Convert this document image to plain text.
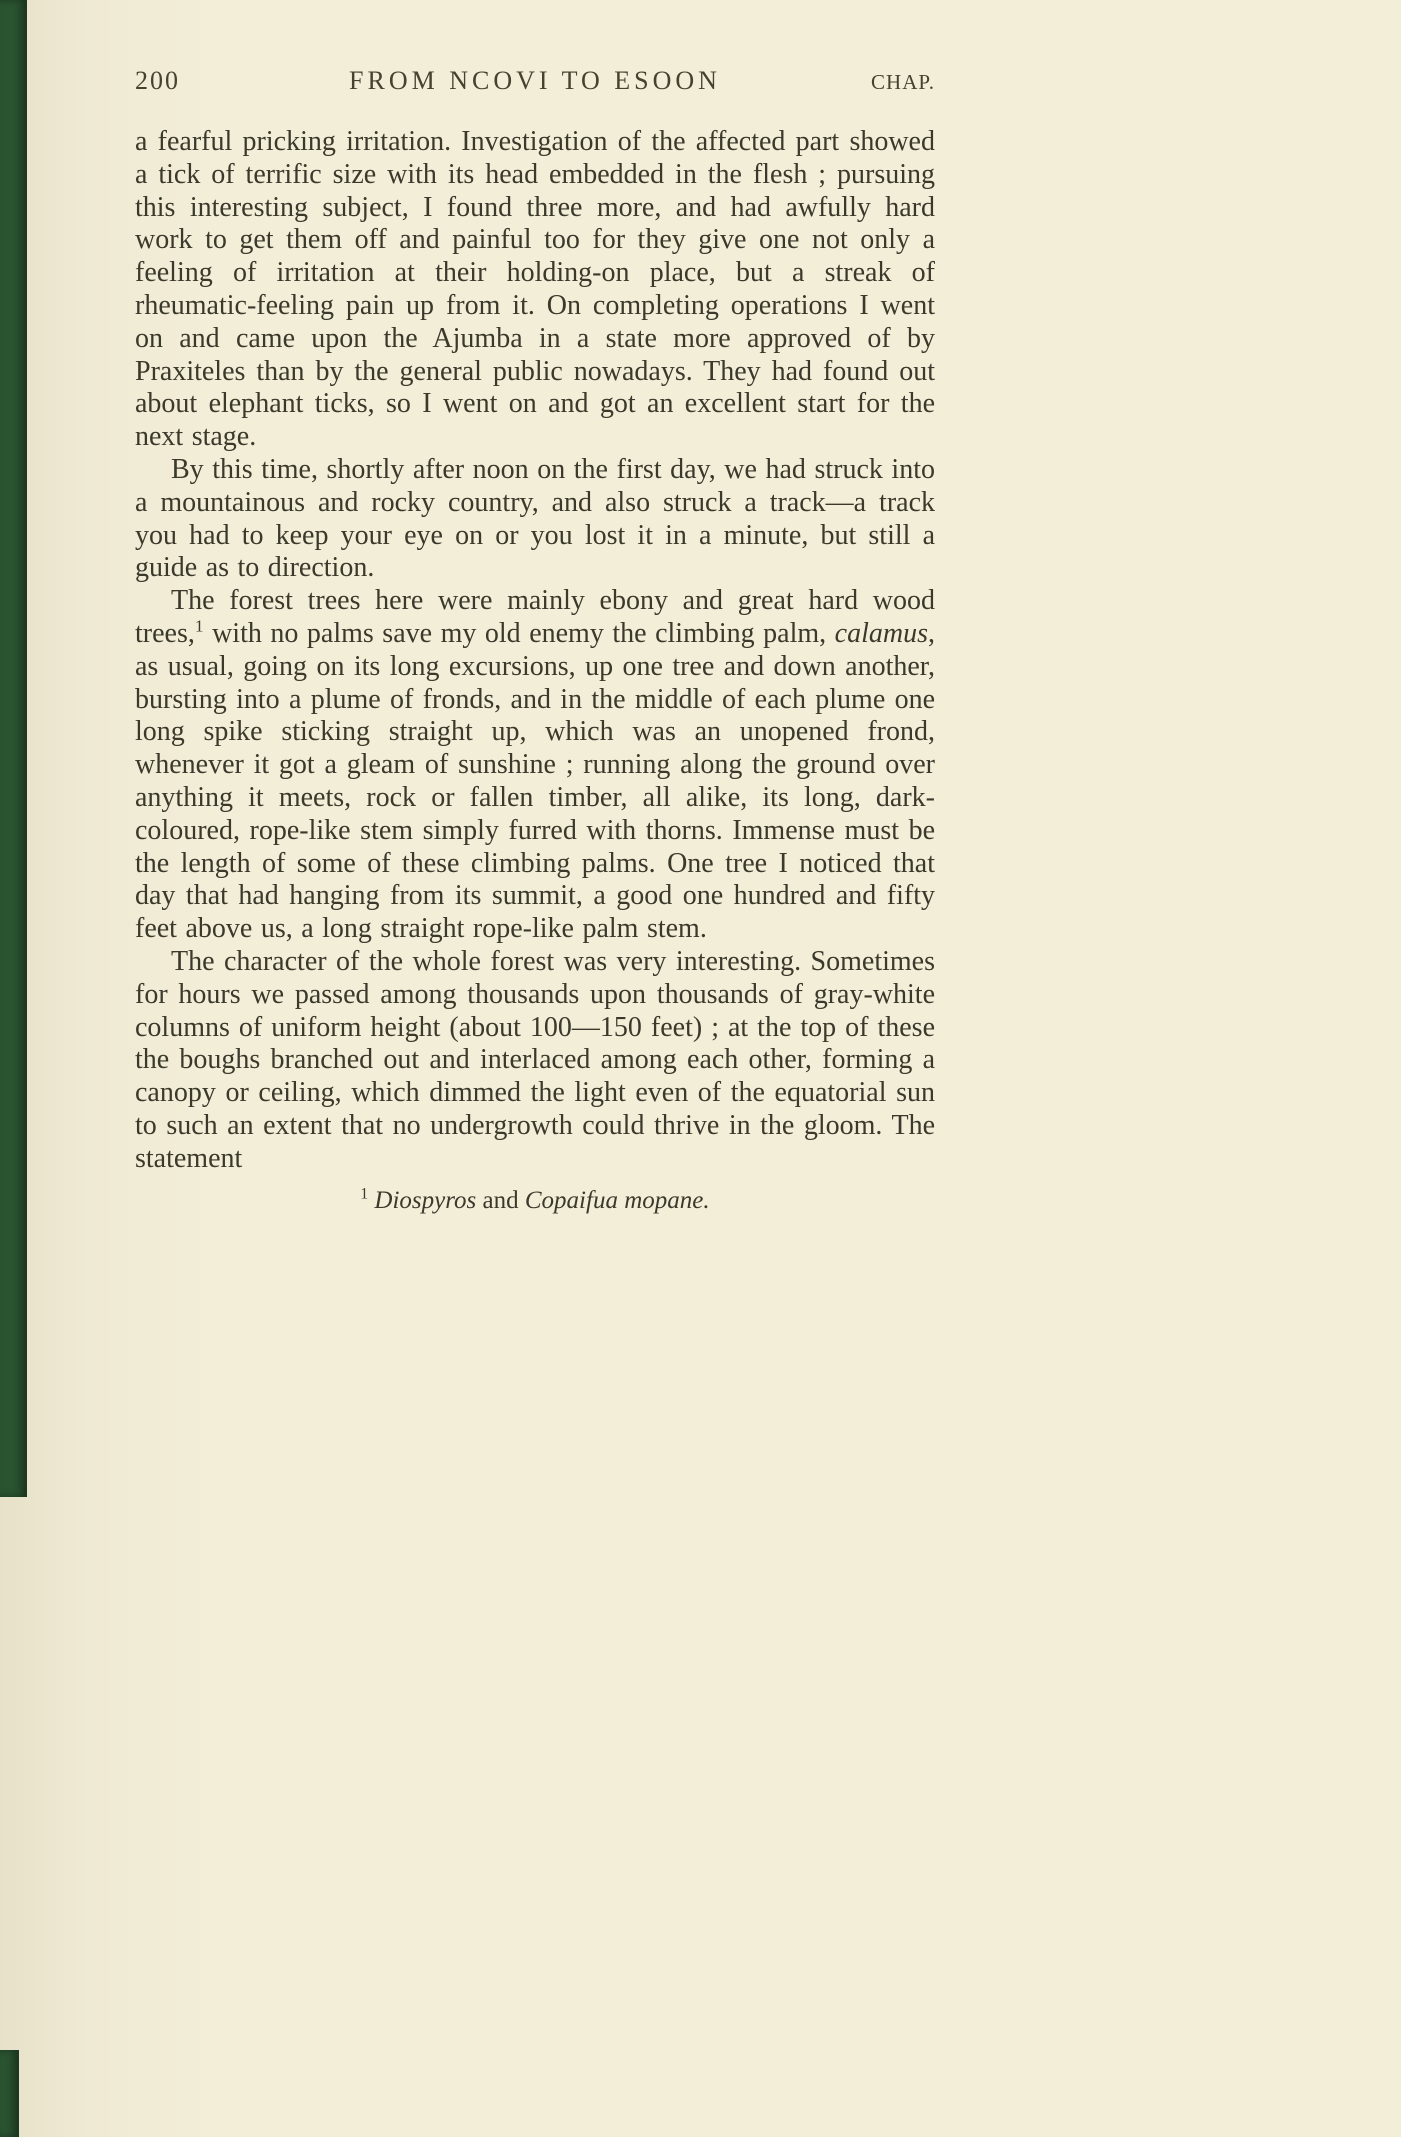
200	FROM NCOVI TO ESOON	CHAP.

a fearful pricking irritation. Investigation of the affected part showed a tick of terrific size with its head embedded in the flesh ; pursuing this interesting subject, I found three more, and had awfully hard work to get them off and painful too for they give one not only a feeling of irritation at their holding-on place, but a streak of rheumatic-feeling pain up from it. On completing operations I went on and came upon the Ajumba in a state more approved of by Praxiteles than by the general public nowadays. They had found out about elephant ticks, so I went on and got an excellent start for the next stage.

By this time, shortly after noon on the first day, we had struck into a mountainous and rocky country, and also struck a track—a track you had to keep your eye on or you lost it in a minute, but still a guide as to direction.

The forest trees here were mainly ebony and great hard wood trees,$^1$ with no palms save my old enemy the climbing palm, calamus, as usual, going on its long excursions, up one tree and down another, bursting into a plume of fronds, and in the middle of each plume one long spike sticking straight up, which was an unopened frond, whenever it got a gleam of sunshine ; running along the ground over anything it meets, rock or fallen timber, all alike, its long, dark-coloured, rope-like stem simply furred with thorns. Immense must be the length of some of these climbing palms. One tree I noticed that day that had hanging from its summit, a good one hundred and fifty feet above us, a long straight rope-like palm stem.

The character of the whole forest was very interesting. Sometimes for hours we passed among thousands upon thousands of gray-white columns of uniform height (about 100—150 feet) ; at the top of these the boughs branched out and interlaced among each other, forming a canopy or ceiling, which dimmed the light even of the equatorial sun to such an extent that no undergrowth could thrive in the gloom. The statement

$^1$ Diospyros and Copaifua mopane.
